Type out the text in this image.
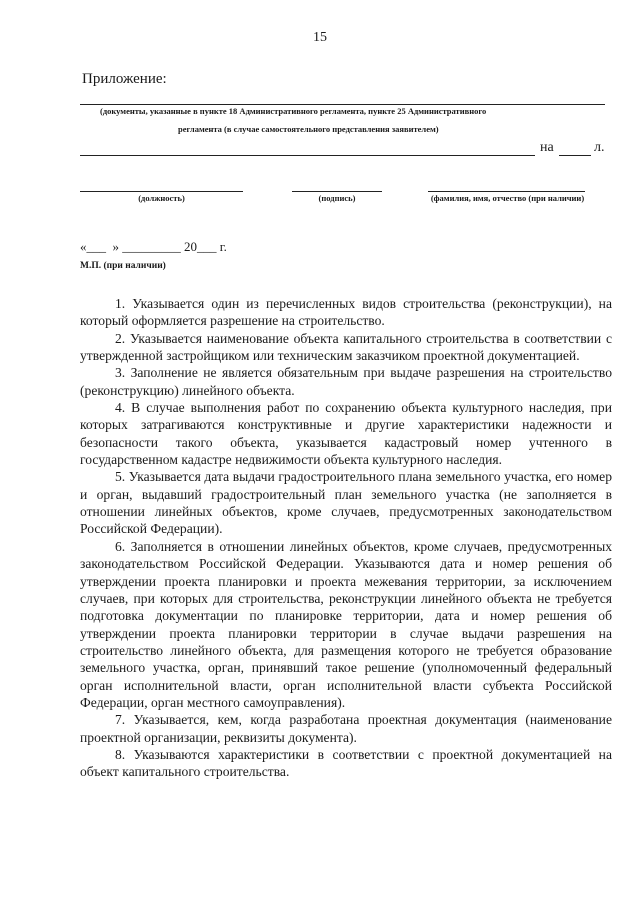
15
Приложение:
(документы, указанные в пункте 18 Административного регламента, пункте 25 Административного
регламента (в случае самостоятельного представления заявителем)
на	л.
(должность)	(подпись)	(фамилия, имя, отчество (при наличии)
«___  » _________ 20___ г.
М.П. (при наличии)

1. Указывается один из перечисленных видов строительства (реконструкции), на который оформляется разрешение на строительство.

2. Указывается наименование объекта капитального строительства в соответствии с утвержденной застройщиком или техническим заказчиком проектной документацией.

3. Заполнение не является обязательным при выдаче разрешения на строительство (реконструкцию) линейного объекта.

4. В случае выполнения работ по сохранению объекта культурного наследия, при которых затрагиваются конструктивные и другие характеристики надежности и безопасности такого объекта, указывается кадастровый номер учтенного в государственном кадастре недвижимости объекта культурного наследия.

5. Указывается дата выдачи градостроительного плана земельного участка, его номер и орган, выдавший градостроительный план земельного участка (не заполняется в отношении линейных объектов, кроме случаев, предусмотренных законодательством Российской Федерации).

6. Заполняется в отношении линейных объектов, кроме случаев, предусмотренных законодательством Российской Федерации. Указываются дата и номер решения об утверждении проекта планировки и проекта межевания территории, за исключением случаев, при которых для строительства, реконструкции линейного объекта не требуется подготовка документации по планировке территории, дата и номер решения об утверждении проекта планировки территории в случае выдачи разрешения на строительство линейного объекта, для размещения которого не требуется образование земельного участка, орган, принявший такое решение (уполномоченный федеральный орган исполнительной власти, орган исполнительной власти субъекта Российской Федерации, орган местного самоуправления).

7. Указывается, кем, когда разработана проектная документация (наименование проектной организации, реквизиты документа).

8. Указываются характеристики в соответствии с проектной документацией на объект капитального строительства.
